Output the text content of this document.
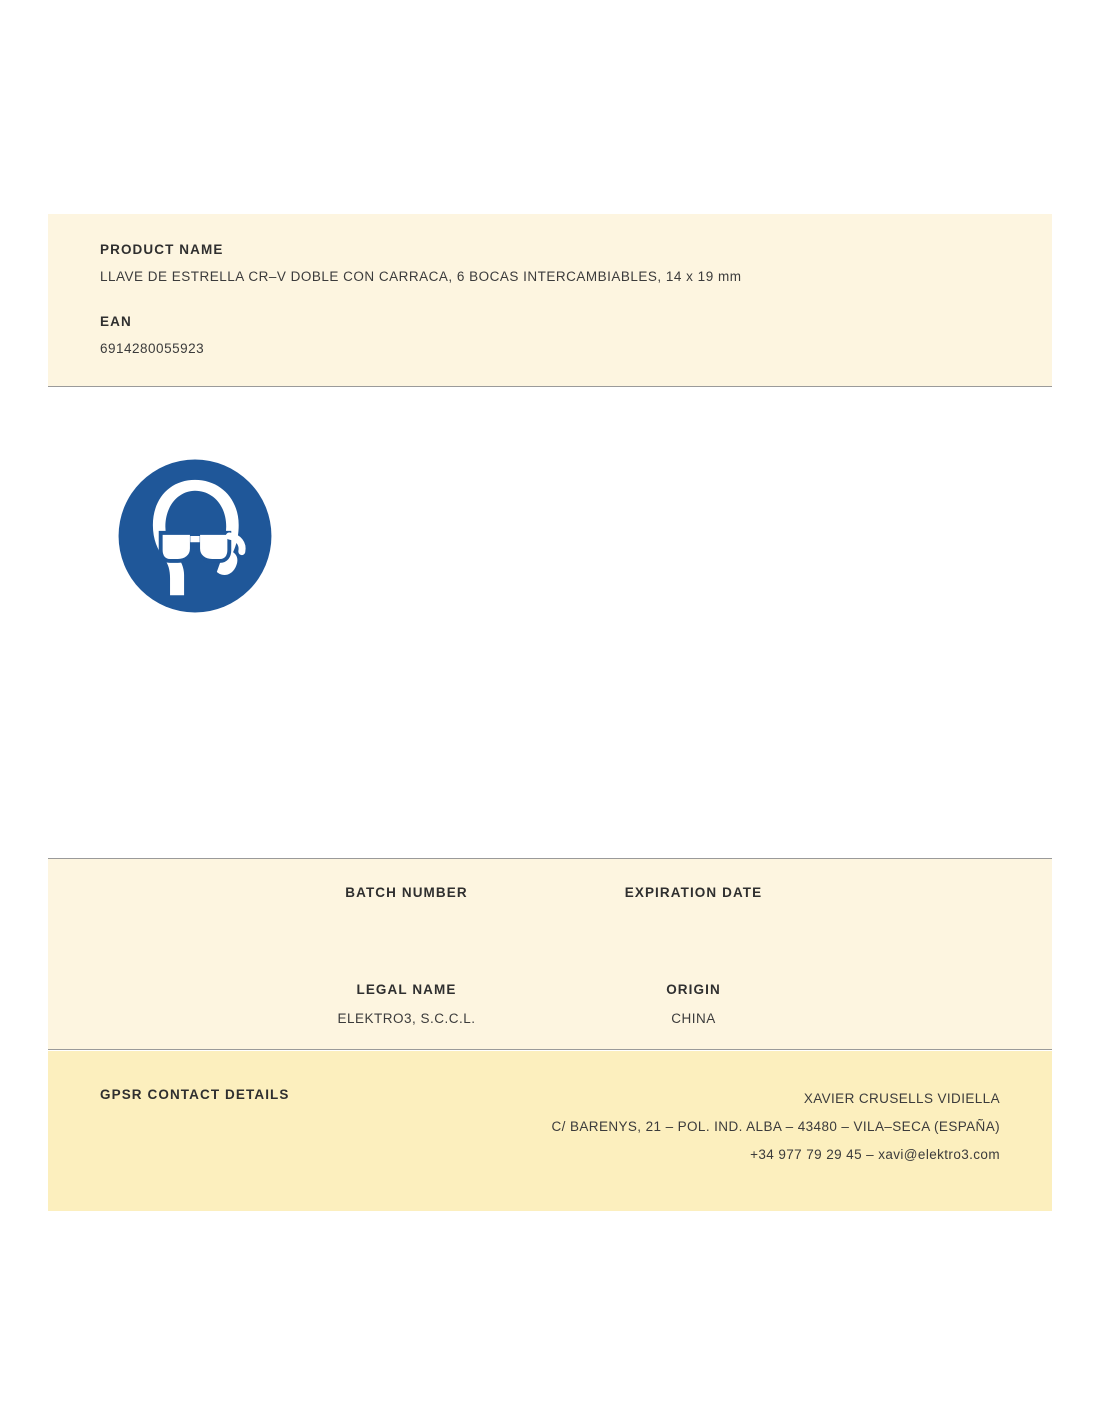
PRODUCT NAME
LLAVE DE ESTRELLA CR–V DOBLE CON CARRACA, 6 BOCAS INTERCAMBIABLES, 14 x 19 mm
EAN
6914280055923
BATCH NUMBER	EXPIRATION DATE
LEGAL NAME
ELEKTRO3, S.C.C.L.
ORIGIN
CHINA
GPSR CONTACT DETAILS	XAVIER CRUSELLS VIDIELLA
C/ BARENYS, 21 – POL. IND. ALBA – 43480 – VILA–SECA (ESPAÑA)
+34 977 79 29 45 – xavi@elektro3.com
